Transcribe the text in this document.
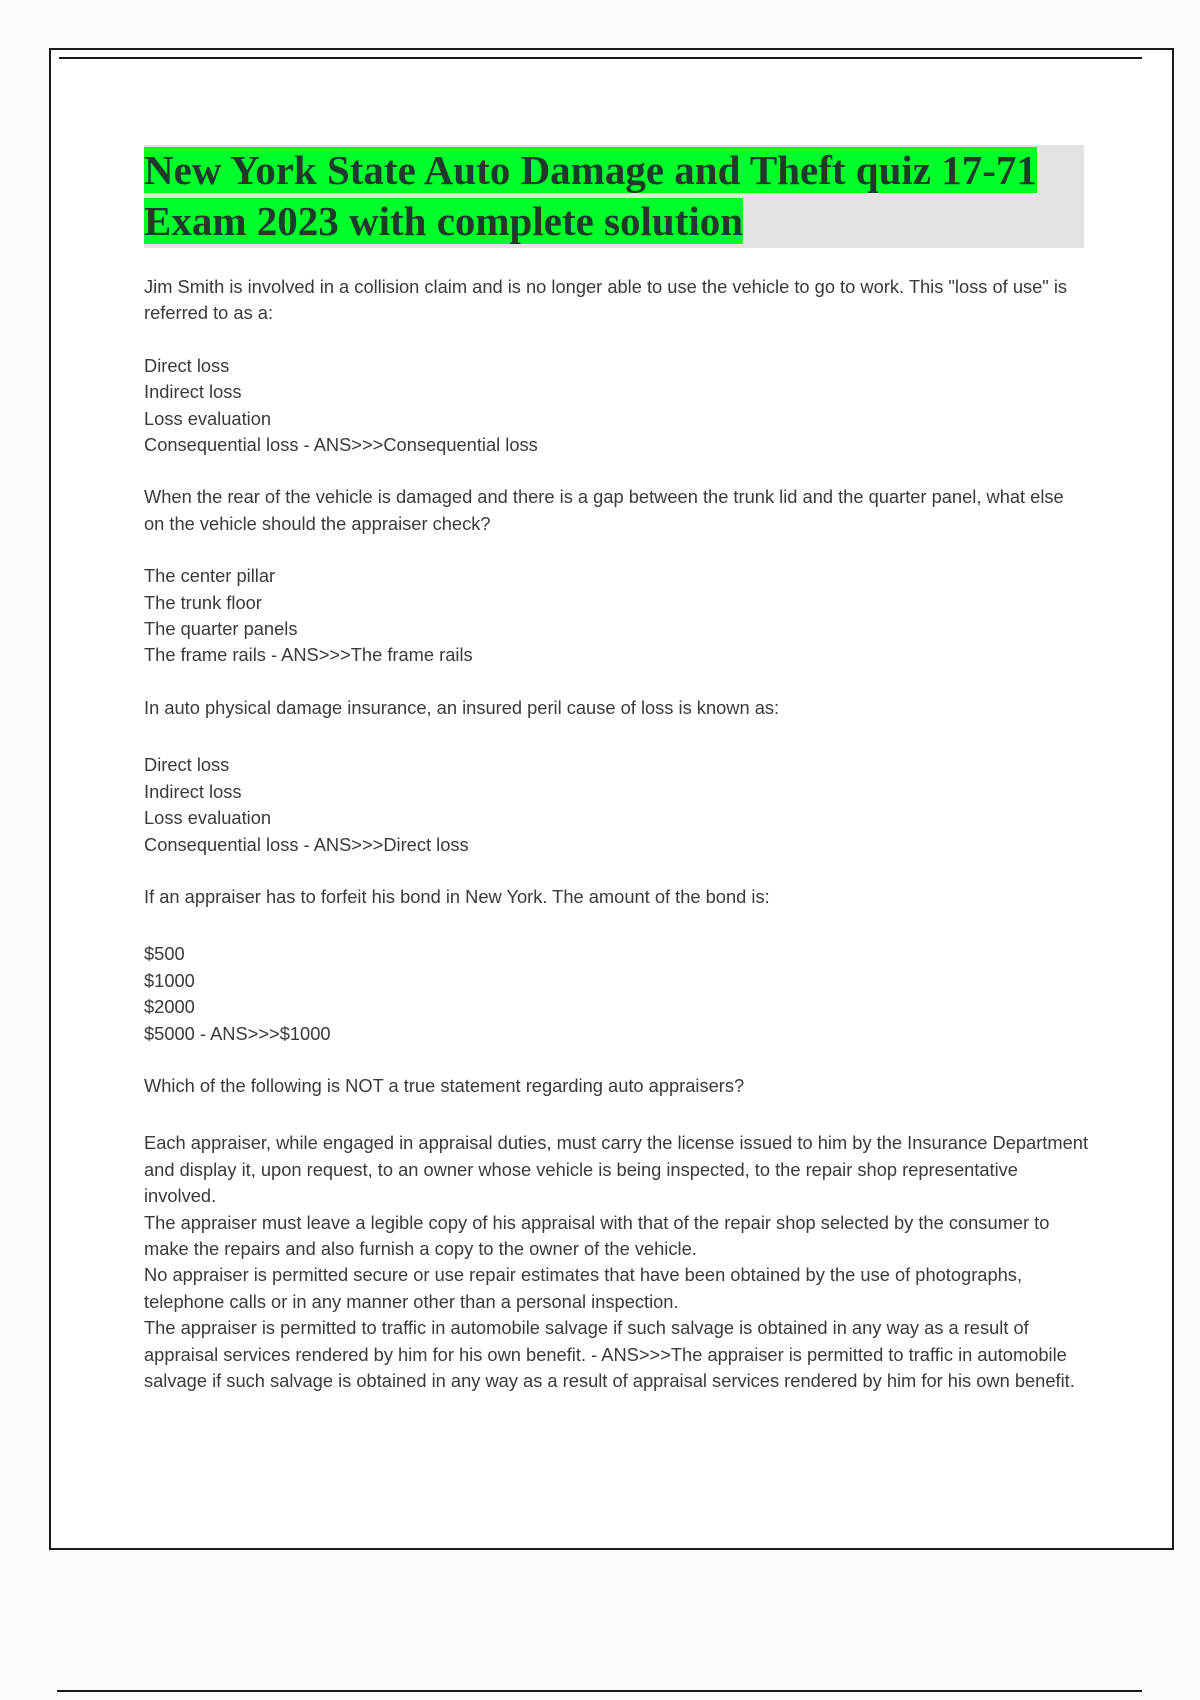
New York State Auto Damage and Theft quiz 17-71 Exam 2023 with complete solution

Jim Smith is involved in a collision claim and is no longer able to use the vehicle to go to work. This "loss of use" is referred to as a:

Direct loss
Indirect loss
Loss evaluation
Consequential loss - ANS>>>Consequential loss

When the rear of the vehicle is damaged and there is a gap between the trunk lid and the quarter panel, what else on the vehicle should the appraiser check?

The center pillar
The trunk floor
The quarter panels
The frame rails - ANS>>>The frame rails

In auto physical damage insurance, an insured peril cause of loss is known as:

Direct loss
Indirect loss
Loss evaluation
Consequential loss - ANS>>>Direct loss

If an appraiser has to forfeit his bond in New York. The amount of the bond is:

$500
$1000
$2000
$5000 - ANS>>>$1000

Which of the following is NOT a true statement regarding auto appraisers?

Each appraiser, while engaged in appraisal duties, must carry the license issued to him by the Insurance Department and display it, upon request, to an owner whose vehicle is being inspected, to the repair shop representative involved.
The appraiser must leave a legible copy of his appraisal with that of the repair shop selected by the consumer to make the repairs and also furnish a copy to the owner of the vehicle.
No appraiser is permitted secure or use repair estimates that have been obtained by the use of photographs, telephone calls or in any manner other than a personal inspection.
The appraiser is permitted to traffic in automobile salvage if such salvage is obtained in any way as a result of appraisal services rendered by him for his own benefit. - ANS>>>The appraiser is permitted to traffic in automobile salvage if such salvage is obtained in any way as a result of appraisal services rendered by him for his own benefit.
